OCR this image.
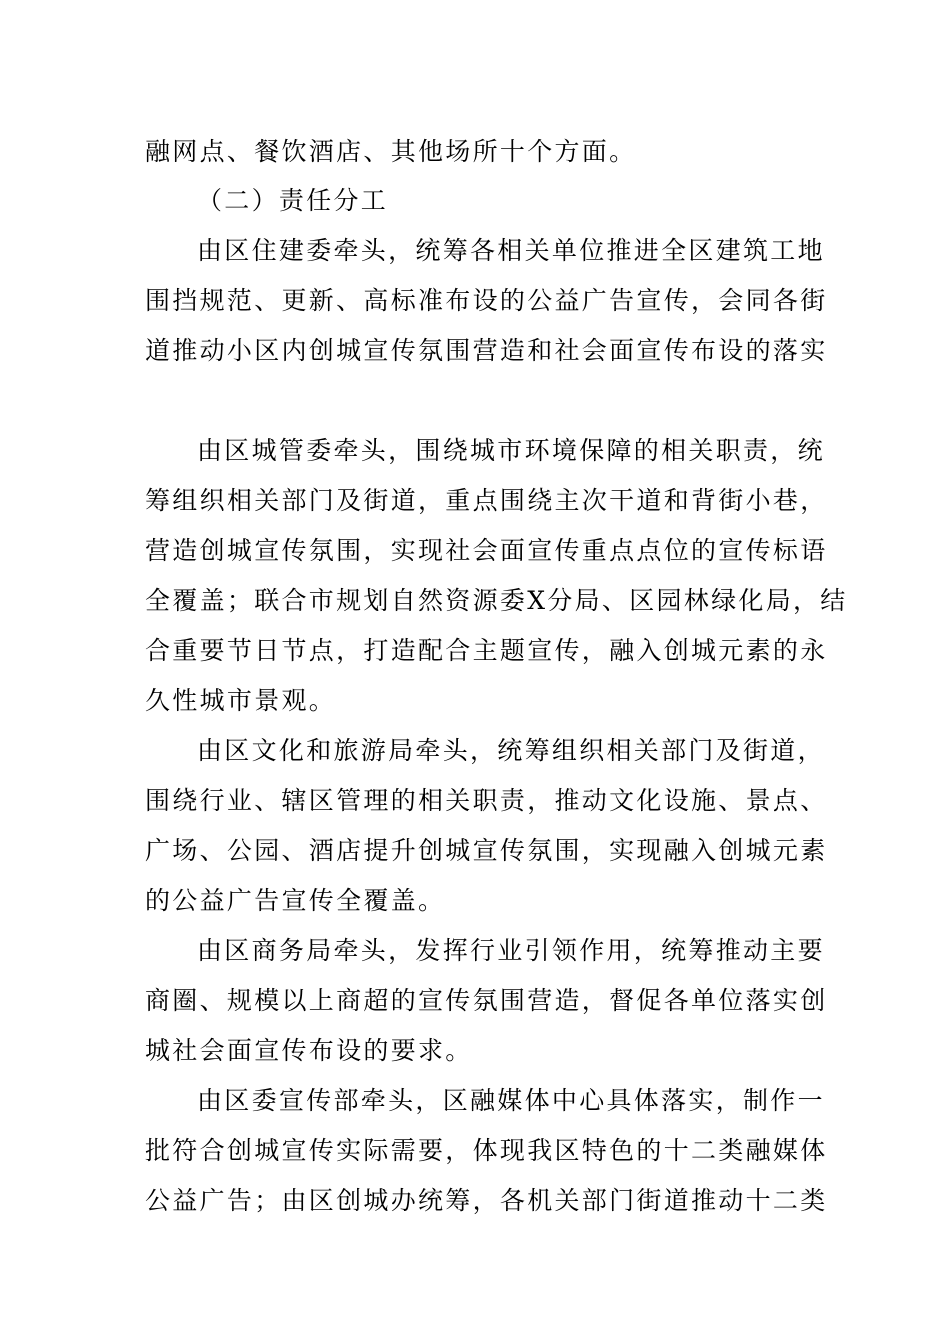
融网点、餐饮酒店、其他场所十个方面。
（二）责任分工
由区住建委牵头，统筹各相关单位推进全区建筑工地
围挡规范、更新、高标准布设的公益广告宣传，会同各街
道推动小区内创城宣传氛围营造和社会面宣传布设的落实
由区城管委牵头，围绕城市环境保障的相关职责，统
筹组织相关部门及街道，重点围绕主次干道和背街小巷，
营造创城宣传氛围，实现社会面宣传重点点位的宣传标语
全覆盖；联合市规划自然资源委X分局、区园林绿化局，结
合重要节日节点，打造配合主题宣传，融入创城元素的永
久性城市景观。
由区文化和旅游局牵头，统筹组织相关部门及街道，
围绕行业、辖区管理的相关职责，推动文化设施、景点、
广场、公园、酒店提升创城宣传氛围，实现融入创城元素
的公益广告宣传全覆盖。
由区商务局牵头，发挥行业引领作用，统筹推动主要
商圈、规模以上商超的宣传氛围营造，督促各单位落实创
城社会面宣传布设的要求。
由区委宣传部牵头，区融媒体中心具体落实，制作一
批符合创城宣传实际需要，体现我区特色的十二类融媒体
公益广告；由区创城办统筹，各机关部门街道推动十二类
